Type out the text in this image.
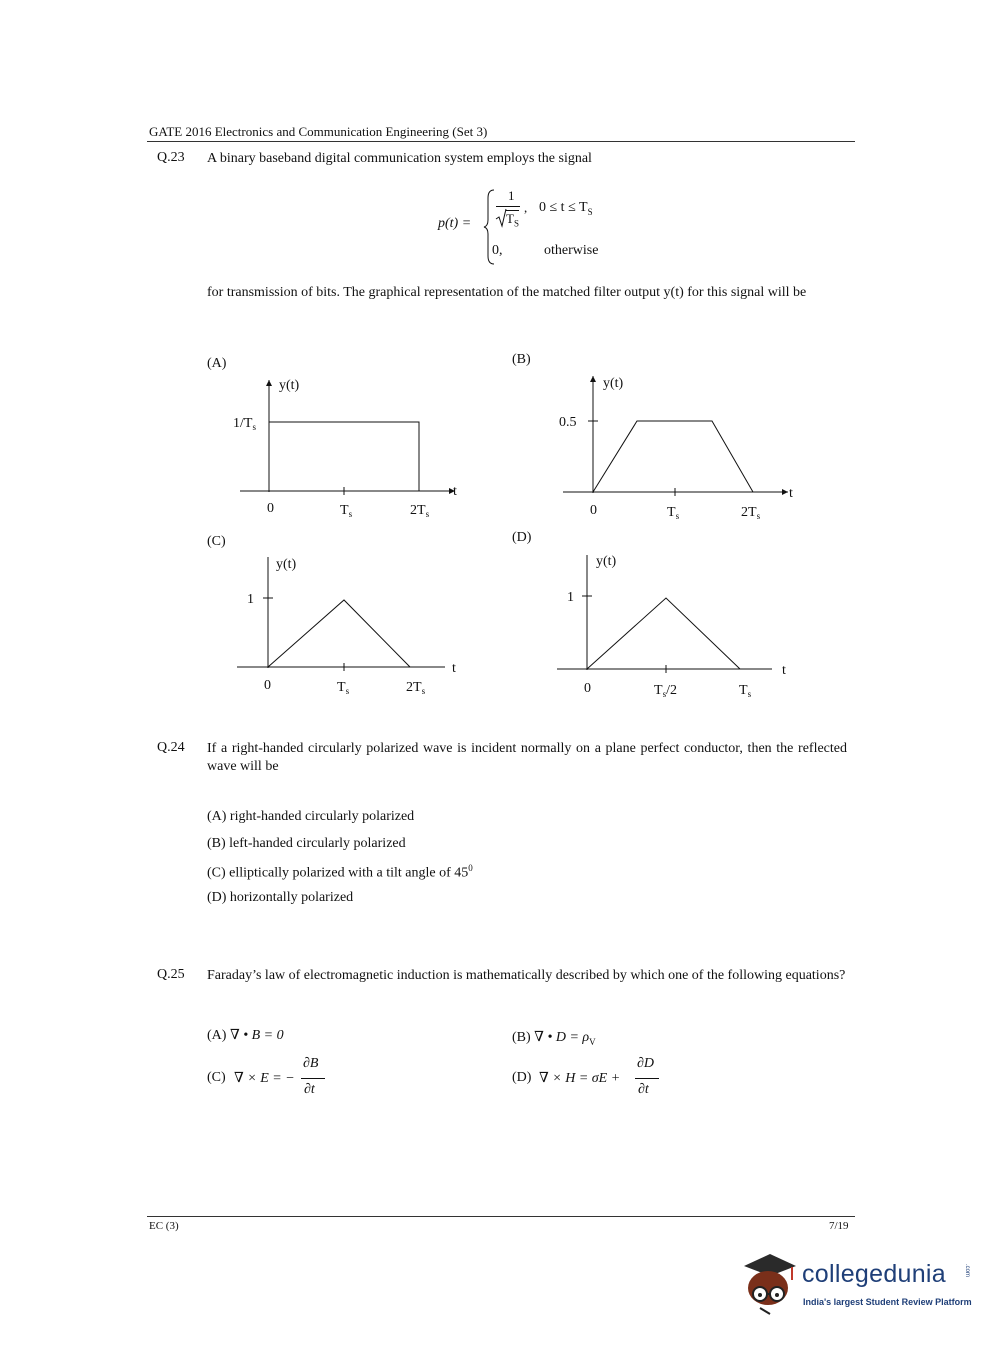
GATE 2016 Electronics and Communication Engineering (Set 3)
Q.23 A binary baseband digital communication system employs the signal
p(t) =
1
$T_S$
, $0 \le t \le T_S$
0,	otherwise
for transmission of bits. The graphical representation of the matched filter output y(t) for this signal will be
(A)
y(t)
$1/T_s$
0	$T_s$	$2T_s$
t
(B)
y(t)
0.5
0	$T_s$	$2T_s$
t
(C)
y(t)
1
0	$T_s$	$2T_s$
t
(D)
y(t)
1
0	$T_s/2$	$T_s$
t
Q.24 If a right-handed circularly polarized wave is incident normally on a plane perfect conductor, then the reflected wave will be
(A) right-handed circularly polarized
(B) left-handed circularly polarized
(C) elliptically polarized with a tilt angle of $45^0$
(D) horizontally polarized
Q.25 Faraday’s law of electromagnetic induction is mathematically described by which one of the following equations?
(A) ∇ • B = 0	(B) ∇ • $D = \rho_V$
(C) ∇ × E = −
∂B
∂t
(D) ∇ × H = σE +
∂D
∂t
EC (3)	7/19
collegedunia	.com
India's largest Student Review Platform
